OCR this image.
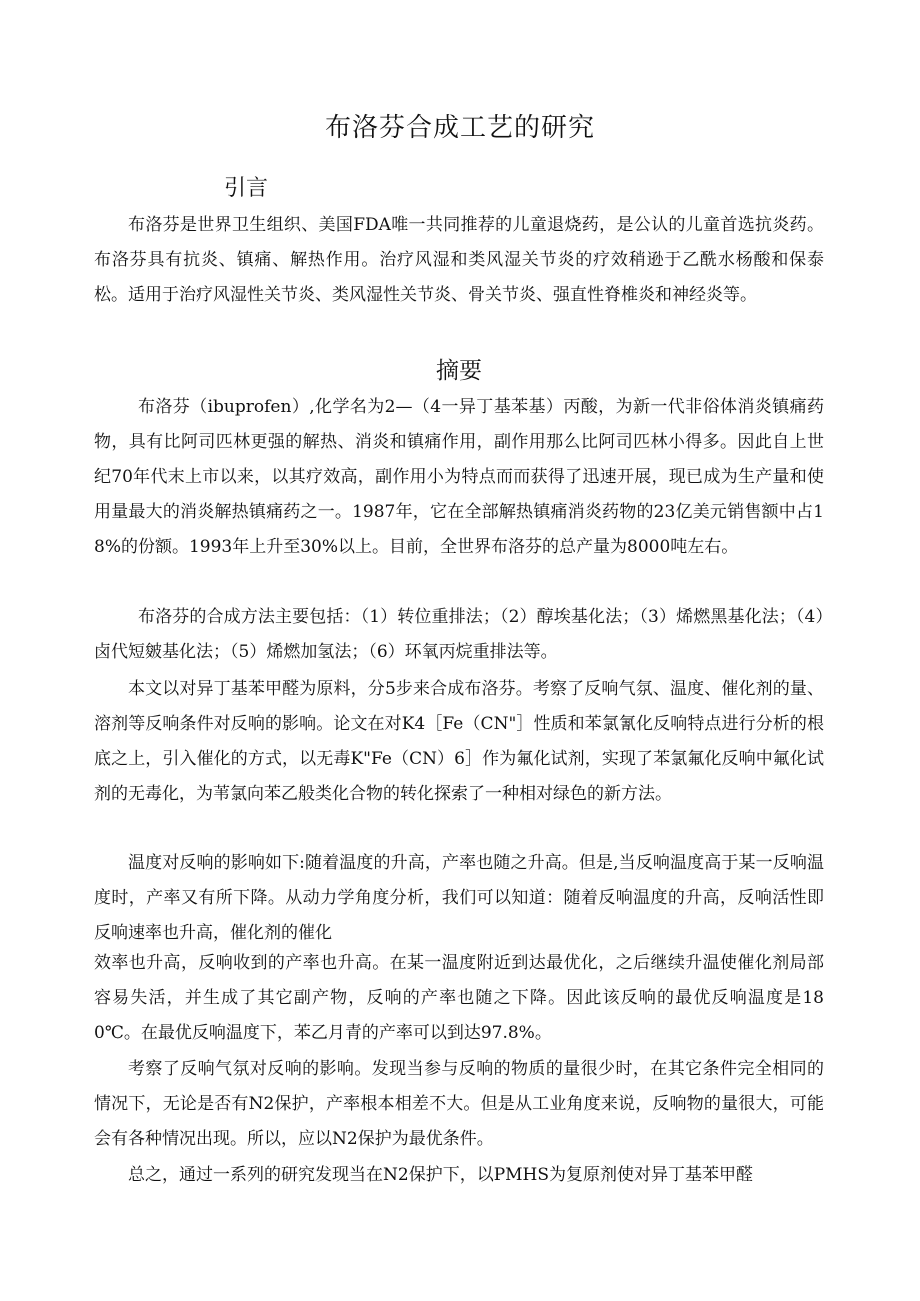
布洛芬合成工艺的研究
引言

布洛芬是世界卫生组织、美国FDA唯一共同推荐的儿童退烧药，是公认的儿童首选抗炎药。布洛芬具有抗炎、镇痛、解热作用。治疗风湿和类风湿关节炎的疗效稍逊于乙酰水杨酸和保泰松。适用于治疗风湿性关节炎、类风湿性关节炎、骨关节炎、强直性脊椎炎和神经炎等。

摘要

布洛芬（ibuprofen）,化学名为2—（4一异丁基苯基）丙酸，为新一代非俗体消炎镇痛药物，具有比阿司匹林更强的解热、消炎和镇痛作用，副作用那么比阿司匹林小得多。因此自上世纪70年代末上市以来，以其疗效高，副作用小为特点而而获得了迅速开展，现已成为生产量和使用量最大的消炎解热镇痛药之一。1987年，它在全部解热镇痛消炎药物的23亿美元销售额中占18%的份额。1993年上升至30%以上。目前，全世界布洛芬的总产量为8000吨左右。

布洛芬的合成方法主要包括：（1）转位重排法；（2）醇埃基化法；（3）烯燃黑基化法；（4）卤代短皴基化法；（5）烯燃加氢法；（6）环氧丙烷重排法等。

本文以对异丁基苯甲醛为原料，分5步来合成布洛芬。考察了反响气氛、温度、催化剂的量、溶剂等反响条件对反响的影响。论文在对K4［Fe（CN"］性质和苯氯氰化反响特点进行分析的根底之上，引入催化的方式，以无毒K"Fe（CN）6］作为氟化试剂，实现了苯氯氟化反响中氟化试剂的无毒化，为苇氯向苯乙般类化合物的转化探索了一种相对绿色的新方法。

温度对反响的影响如下:随着温度的升高，产率也随之升高。但是,当反响温度高于某一反响温度时，产率又有所下降。从动力学角度分析，我们可以知道：随着反响温度的升高，反响活性即反响速率也升高，催化剂的催化

效率也升高，反响收到的产率也升高。在某一温度附近到达最优化，之后继续升温使催化剂局部容易失活，并生成了其它副产物，反响的产率也随之下降。因此该反响的最优反响温度是180℃。在最优反响温度下，苯乙月青的产率可以到达97.8%。

考察了反响气氛对反响的影响。发现当参与反响的物质的量很少时，在其它条件完全相同的情况下，无论是否有N2保护，产率根本相差不大。但是从工业角度来说，反响物的量很大，可能会有各种情况出现。所以，应以N2保护为最优条件。

总之，通过一系列的研究发现当在N2保护下，以PMHS为复原剂使对异丁基苯甲醛
